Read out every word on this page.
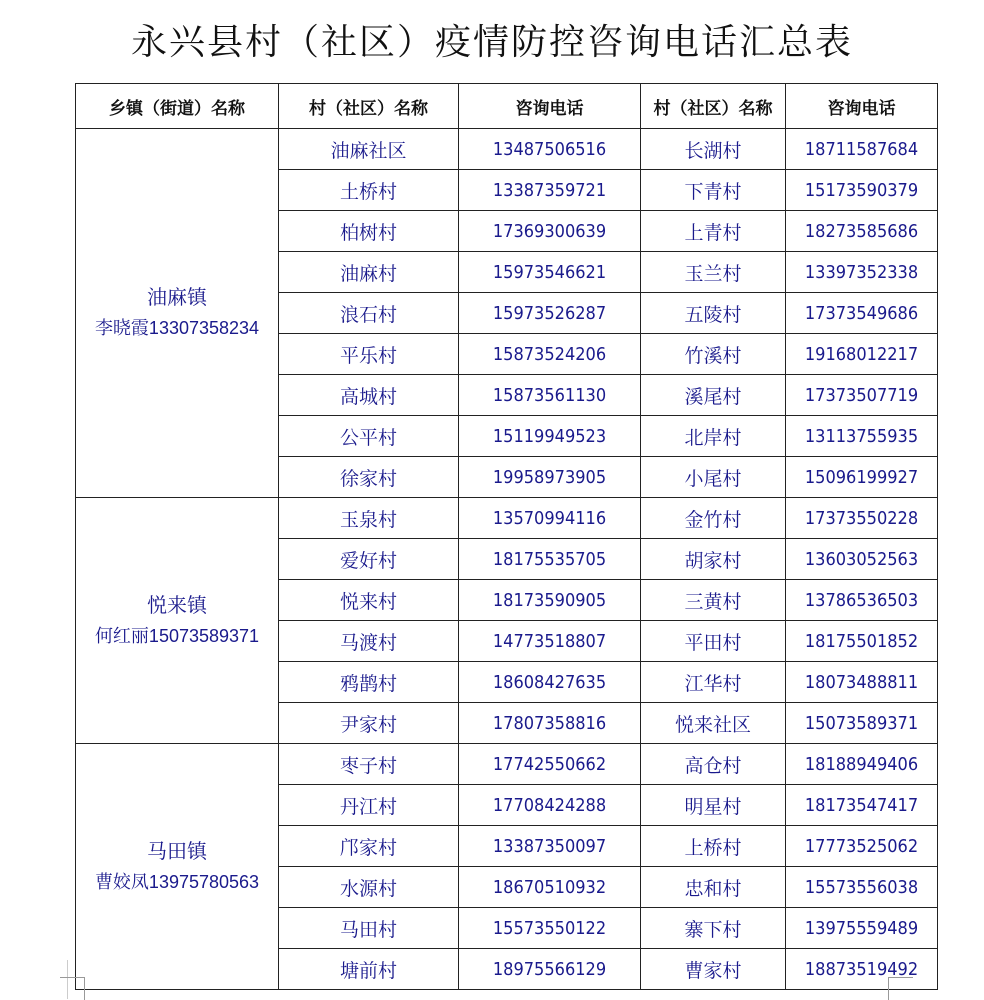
永兴县村（社区）疫情防控咨询电话汇总表
乡镇（街道）名称	村（社区）名称	咨询电话	村（社区）名称	咨询电话

油麻镇
李晓霞13307358234	油麻社区	13487506516	长湖村	18711587684
	土桥村	13387359721	下青村	15173590379
	柏树村	17369300639	上青村	18273585686
	油麻村	15973546621	玉兰村	13397352338
	浪石村	15973526287	五陵村	17373549686
	平乐村	15873524206	竹溪村	19168012217
	高城村	15873561130	溪尾村	17373507719
	公平村	15119949523	北岸村	13113755935
	徐家村	19958973905	小尾村	15096199927

悦来镇
何红丽15073589371	玉泉村	13570994116	金竹村	17373550228
	爱好村	18175535705	胡家村	13603052563
	悦来村	18173590905	三黄村	13786536503
	马渡村	14773518807	平田村	18175501852
	鸦鹊村	18608427635	江华村	18073488811
	尹家村	17807358816	悦来社区	15073589371

马田镇
曹姣凤13975780563	枣子村	17742550662	高仓村	18188949406
	丹江村	17708424288	明星村	18173547417
	邝家村	13387350097	上桥村	17773525062
	水源村	18670510932	忠和村	15573556038
	马田村	15573550122	寨下村	13975559489
	塘前村	18975566129	曹家村	18873519492
